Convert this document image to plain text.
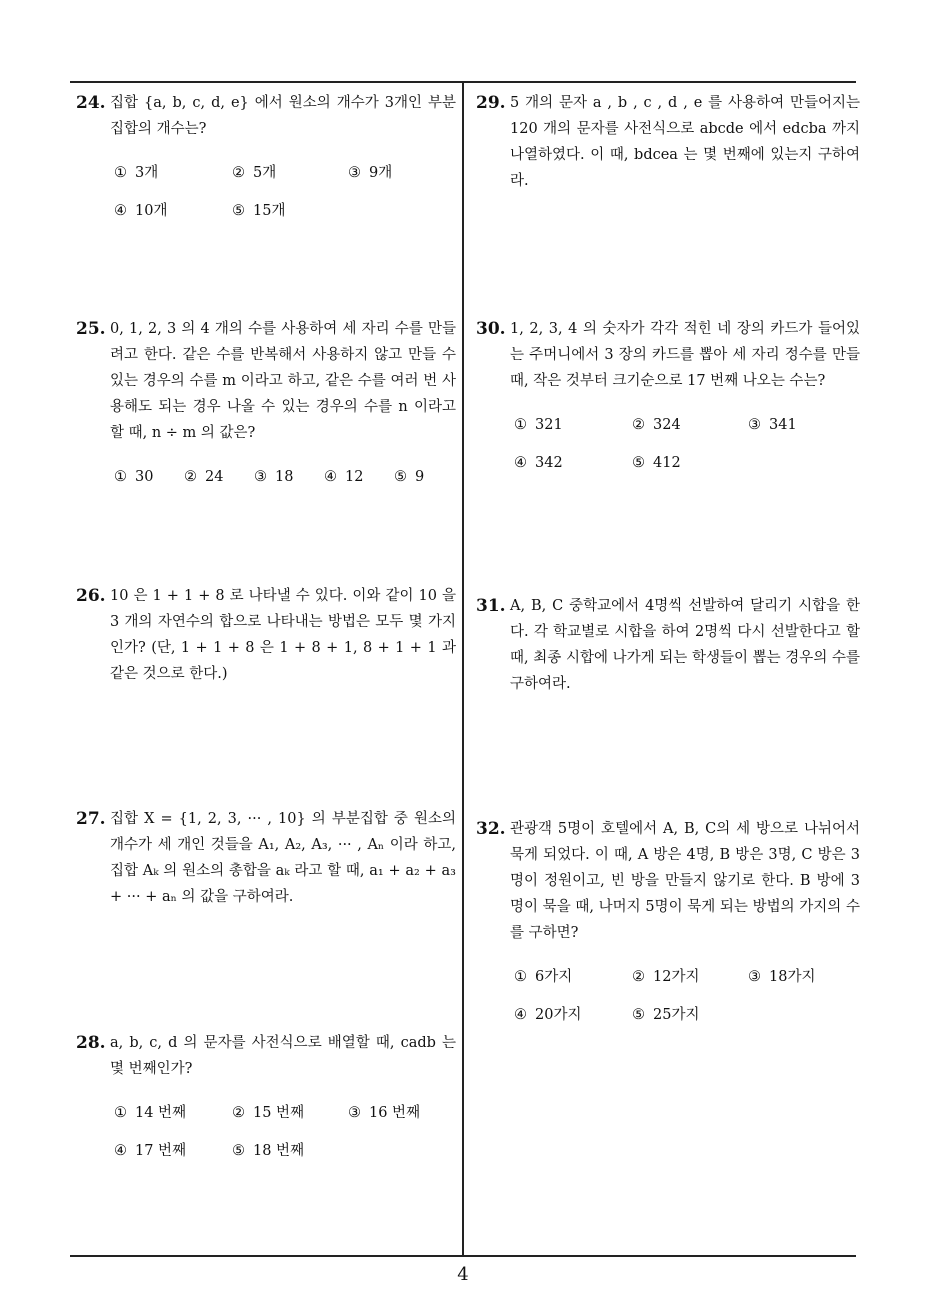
24. 집합 {a, b, c, d, e} 에서 원소의 개수가 3개인 부분집합의 개수는?
① 3개	② 5개	③ 9개
④ 10개	⑤ 15개
25. 0, 1, 2, 3 의 4 개의 수를 사용하여 세 자리 수를 만들려고 한다. 같은 수를 반복해서 사용하지 않고 만들 수 있는 경우의 수를 m 이라고 하고, 같은 수를 여러 번 사용해도 되는 경우 나올 수 있는 경우의 수를 n 이라고 할 때, n ÷ m 의 값은?
① 30	② 24	③ 18	④ 12	⑤ 9
26. 10 은 1 + 1 + 8 로 나타낼 수 있다. 이와 같이 10 을 3 개의 자연수의 합으로 나타내는 방법은 모두 몇 가지인가? (단, 1 + 1 + 8 은 1 + 8 + 1, 8 + 1 + 1 과 같은 것으로 한다.)
27. 집합 X = {1, 2, 3, ··· , 10} 의 부분집합 중 원소의 개수가 세 개인 것들을 A₁, A₂, A₃, ··· , Aₙ 이라 하고, 집합 Aₖ 의 원소의 총합을 aₖ 라고 할 때, a₁ + a₂ + a₃ + ··· + aₙ 의 값을 구하여라.
28. a, b, c, d 의 문자를 사전식으로 배열할 때, cadb 는 몇 번째인가?
① 14 번째	② 15 번째	③ 16 번째
④ 17 번째	⑤ 18 번째
29. 5 개의 문자 a , b , c , d , e 를 사용하여 만들어지는 120 개의 문자를 사전식으로 abcde 에서 edcba 까지 나열하였다. 이 때, bdcea 는 몇 번째에 있는지 구하여라.
30. 1, 2, 3, 4 의 숫자가 각각 적힌 네 장의 카드가 들어있는 주머니에서 3 장의 카드를 뽑아 세 자리 정수를 만들 때, 작은 것부터 크기순으로 17 번째 나오는 수는?
① 321	② 324	③ 341
④ 342	⑤ 412
31. A, B, C 중학교에서 4명씩 선발하여 달리기 시합을 한다. 각 학교별로 시합을 하여 2명씩 다시 선발한다고 할 때, 최종 시합에 나가게 되는 학생들이 뽑는 경우의 수를 구하여라.
32. 관광객 5명이 호텔에서 A, B, C의 세 방으로 나뉘어서 묵게 되었다. 이 때, A 방은 4명, B 방은 3명, C 방은 3명이 정원이고, 빈 방을 만들지 않기로 한다. B 방에 3명이 묵을 때, 나머지 5명이 묵게 되는 방법의 가지의 수를 구하면?
① 6가지	② 12가지	③ 18가지
④ 20가지	⑤ 25가지
4
